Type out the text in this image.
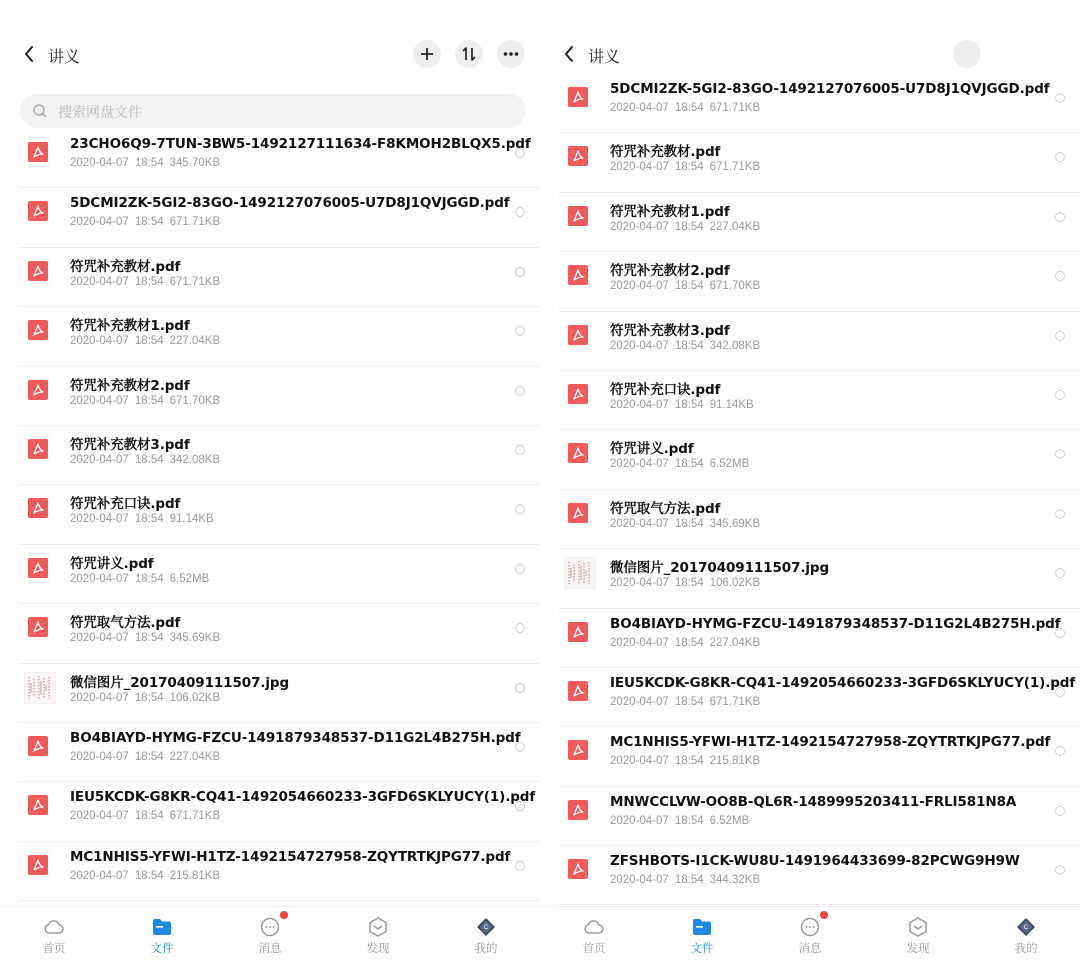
讲义
搜索网盘文件
23CHO6Q9-7TUN-3BW5-1492127111634-F8KMOH2BLQX5.pdf
2020-04-07 18:54 345.70KB
5DCMI2ZK-5GI2-83GO-1492127076005-U7D8J1QVJGGD.pdf
2020-04-07 18:54 671.71KB
符咒补充教材.pdf
2020-04-07 18:54 671.71KB
符咒补充教材1.pdf
2020-04-07 18:54 227.04KB
符咒补充教材2.pdf
2020-04-07 18:54 671.70KB
符咒补充教材3.pdf
2020-04-07 18:54 342.08KB
符咒补充口诀.pdf
2020-04-07 18:54 91.14KB
符咒讲义.pdf
2020-04-07 18:54 6.52MB
符咒取气方法.pdf
2020-04-07 18:54 345.69KB
微信图片_20170409111507.jpg
2020-04-07 18:54 106.02KB
BO4BIAYD-HYMG-FZCU-1491879348537-D11G2L4B275H.pdf
2020-04-07 18:54 227.04KB
IEU5KCDK-G8KR-CQ41-1492054660233-3GFD6SKLYUCY(1).pdf
2020-04-07 18:54 671.71KB
MC1NHIS5-YFWI-H1TZ-1492154727958-ZQYTRTKJPG77.pdf
2020-04-07 18:54 215.81KB
首页	文件	消息	发现
C
我的
讲义
5DCMI2ZK-5GI2-83GO-1492127076005-U7D8J1QVJGGD.pdf
2020-04-07 18:54 671.71KB
符咒补充教材.pdf
2020-04-07 18:54 671.71KB
符咒补充教材1.pdf
2020-04-07 18:54 227.04KB
符咒补充教材2.pdf
2020-04-07 18:54 671.70KB
符咒补充教材3.pdf
2020-04-07 18:54 342.08KB
符咒补充口诀.pdf
2020-04-07 18:54 91.14KB
符咒讲义.pdf
2020-04-07 18:54 6.52MB
符咒取气方法.pdf
2020-04-07 18:54 345.69KB
微信图片_20170409111507.jpg
2020-04-07 18:54 106.02KB
BO4BIAYD-HYMG-FZCU-1491879348537-D11G2L4B275H.pdf
2020-04-07 18:54 227.04KB
IEU5KCDK-G8KR-CQ41-1492054660233-3GFD6SKLYUCY(1).pdf
2020-04-07 18:54 671.71KB
MC1NHIS5-YFWI-H1TZ-1492154727958-ZQYTRTKJPG77.pdf
2020-04-07 18:54 215.81KB
MNWCCLVW-OO8B-QL6R-1489995203411-FRLI581N8A
2020-04-07 18:54 6.52MB
ZFSHBOTS-I1CK-WU8U-1491964433699-82PCWG9H9W
2020-04-07 18:54 344.32KB
首页	文件	消息	发现
C
我的
